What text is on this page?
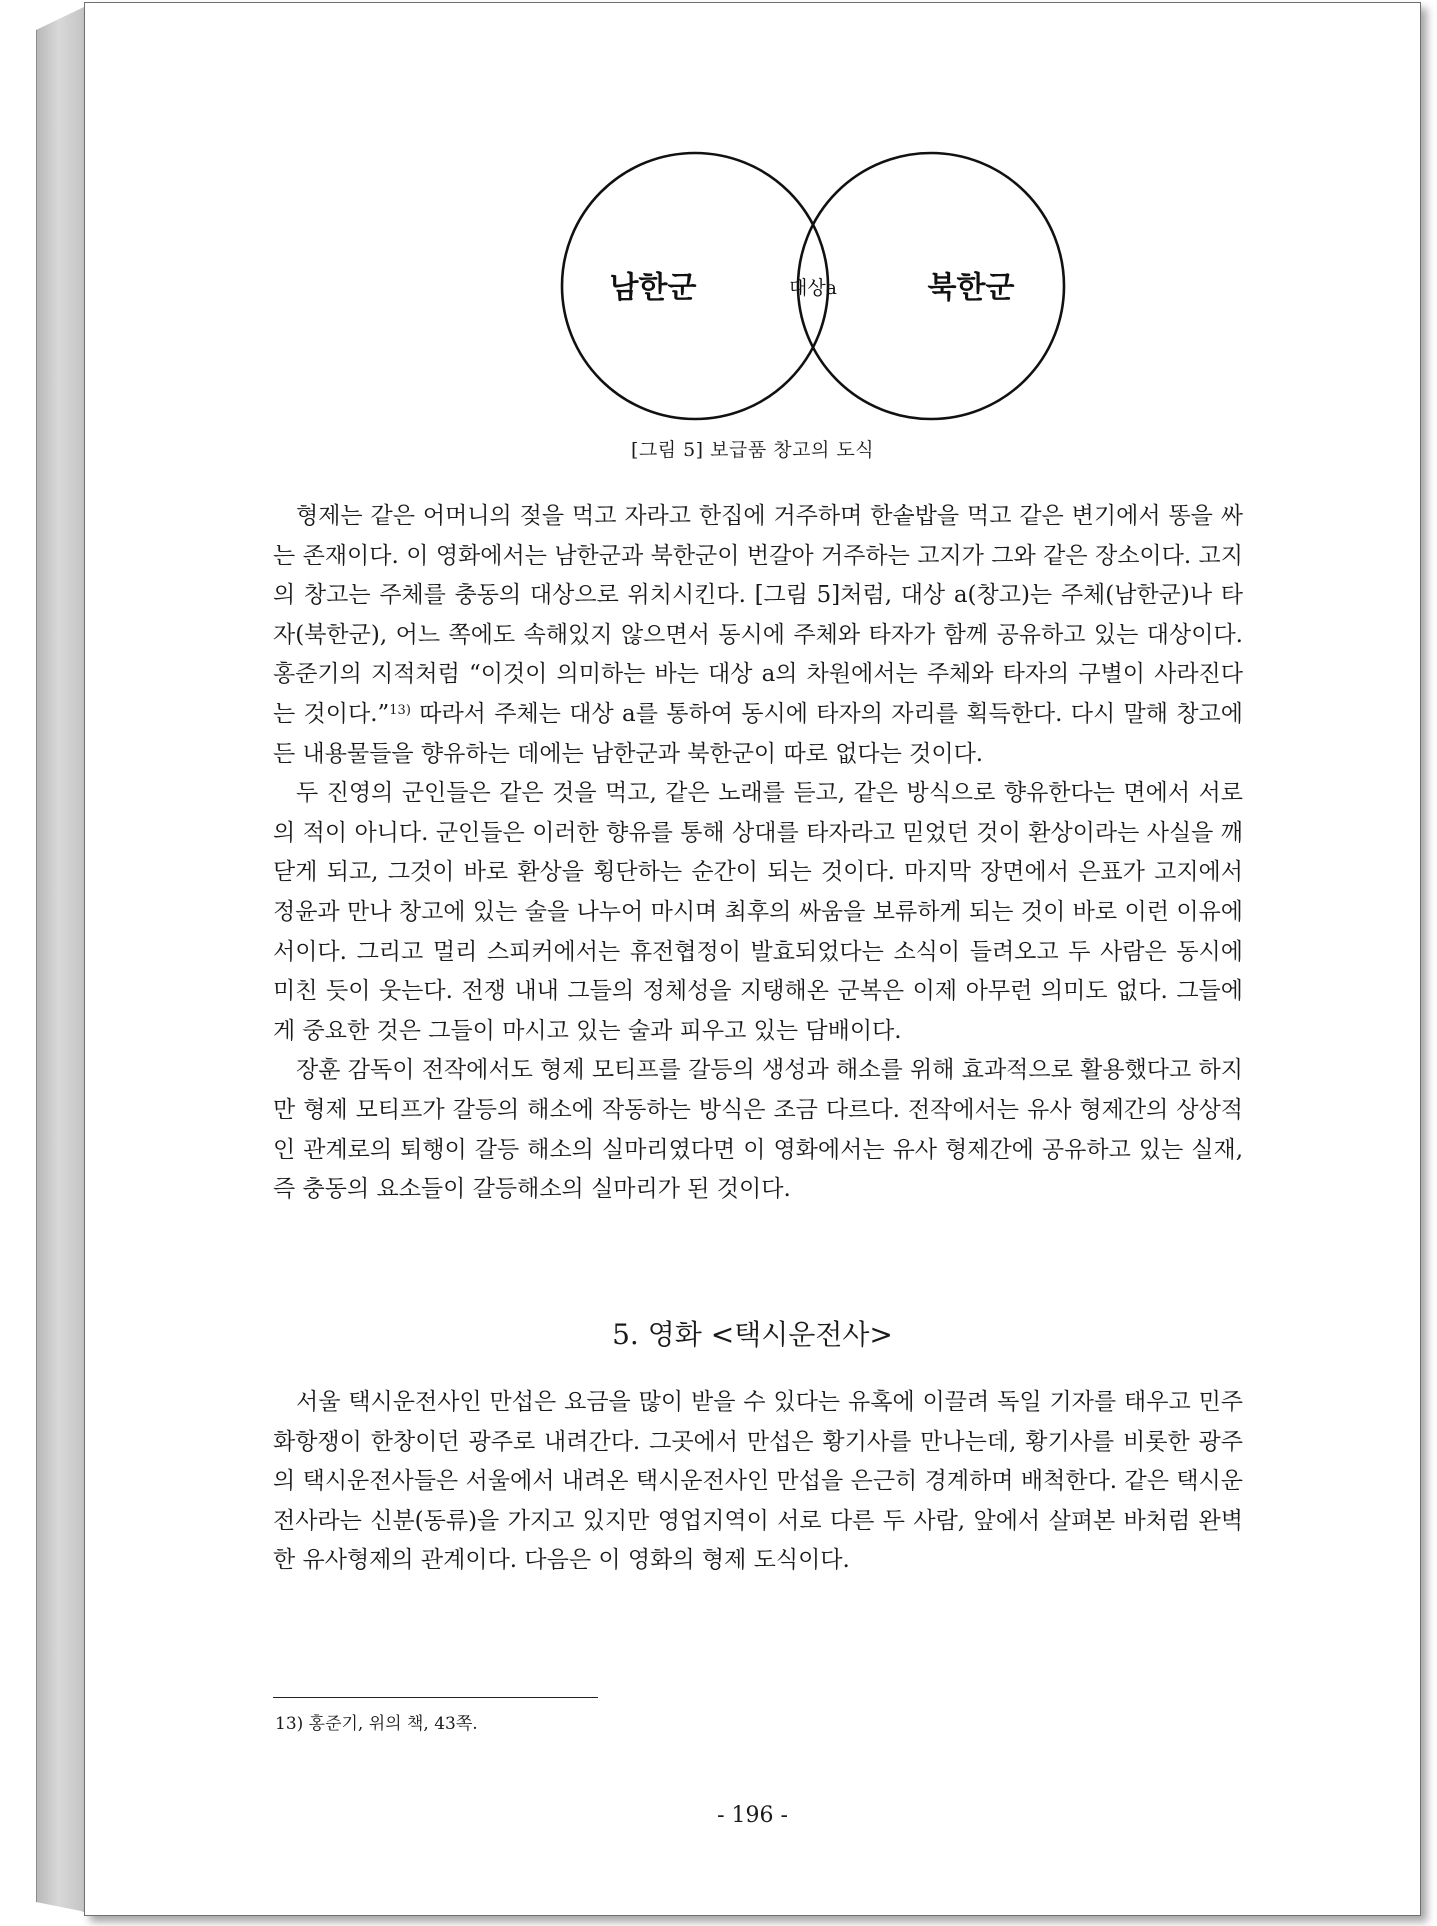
남한군	대상a	북한군
[그림 5] 보급품 창고의 도식

형제는 같은 어머니의 젖을 먹고 자라고 한집에 거주하며 한솥밥을 먹고 같은 변기에서 똥을 싸는 존재이다. 이 영화에서는 남한군과 북한군이 번갈아 거주하는 고지가 그와 같은 장소이다. 고지의 창고는 주체를 충동의 대상으로 위치시킨다. [그림 5]처럼, 대상 a(창고)는 주체(남한군)나 타자(북한군), 어느 쪽에도 속해있지 않으면서 동시에 주체와 타자가 함께 공유하고 있는 대상이다. 홍준기의 지적처럼 “이것이 의미하는 바는 대상 a의 차원에서는 주체와 타자의 구별이 사라진다는 것이다.”$^{13)}$ 따라서 주체는 대상 a를 통하여 동시에 타자의 자리를 획득한다. 다시 말해 창고에 든 내용물들을 향유하는 데에는 남한군과 북한군이 따로 없다는 것이다.

두 진영의 군인들은 같은 것을 먹고, 같은 노래를 듣고, 같은 방식으로 향유한다는 면에서 서로의 적이 아니다. 군인들은 이러한 향유를 통해 상대를 타자라고 믿었던 것이 환상이라는 사실을 깨닫게 되고, 그것이 바로 환상을 횡단하는 순간이 되는 것이다. 마지막 장면에서 은표가 고지에서 정윤과 만나 창고에 있는 술을 나누어 마시며 최후의 싸움을 보류하게 되는 것이 바로 이런 이유에서이다. 그리고 멀리 스피커에서는 휴전협정이 발효되었다는 소식이 들려오고 두 사람은 동시에 미친 듯이 웃는다. 전쟁 내내 그들의 정체성을 지탱해온 군복은 이제 아무런 의미도 없다. 그들에게 중요한 것은 그들이 마시고 있는 술과 피우고 있는 담배이다.

장훈 감독이 전작에서도 형제 모티프를 갈등의 생성과 해소를 위해 효과적으로 활용했다고 하지만 형제 모티프가 갈등의 해소에 작동하는 방식은 조금 다르다. 전작에서는 유사 형제간의 상상적인 관계로의 퇴행이 갈등 해소의 실마리였다면 이 영화에서는 유사 형제간에 공유하고 있는 실재, 즉 충동의 요소들이 갈등해소의 실마리가 된 것이다.

5. 영화 <택시운전사>

서울 택시운전사인 만섭은 요금을 많이 받을 수 있다는 유혹에 이끌려 독일 기자를 태우고 민주화항쟁이 한창이던 광주로 내려간다. 그곳에서 만섭은 황기사를 만나는데, 황기사를 비롯한 광주의 택시운전사들은 서울에서 내려온 택시운전사인 만섭을 은근히 경계하며 배척한다. 같은 택시운전사라는 신분(동류)을 가지고 있지만 영업지역이 서로 다른 두 사람, 앞에서 살펴본 바처럼 완벽한 유사형제의 관계이다. 다음은 이 영화의 형제 도식이다.

13) 홍준기, 위의 책, 43쪽.
- 196 -
